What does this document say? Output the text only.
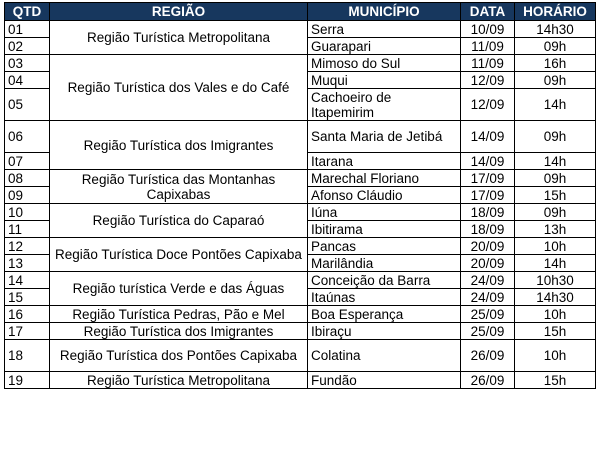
QTD	REGIÃO	MUNICÍPIO	DATA	HORÁRIO
01	Região Turística Metropolitana	Serra	10/09	14h30
02		Guarapari	11/09	09h
03	Região Turística dos Vales e do Café	Mimoso do Sul	11/09	16h
04		Muqui	12/09	09h
05		Cachoeiro de Itapemirim	12/09	14h
06	Região Turística dos Imigrantes	Santa Maria de Jetibá	14/09	09h
07		Itarana	14/09	14h
08	Região Turística das Montanhas Capixabas	Marechal Floriano	17/09	09h
09		Afonso Cláudio	17/09	15h
10	Região Turística do Caparaó	Iúna	18/09	09h
11		Ibitirama	18/09	13h
12	Região Turística Doce Pontões Capixaba	Pancas	20/09	10h
13		Marilândia	20/09	14h
14	Região turística Verde e das Águas	Conceição da Barra	24/09	10h30
15		Itaúnas	24/09	14h30
16	Região Turística Pedras, Pão e Mel	Boa Esperança	25/09	10h
17	Região Turística dos Imigrantes	Ibiraçu	25/09	15h
18	Região Turística dos Pontões Capixaba	Colatina	26/09	10h
19	Região Turística Metropolitana	Fundão	26/09	15h
